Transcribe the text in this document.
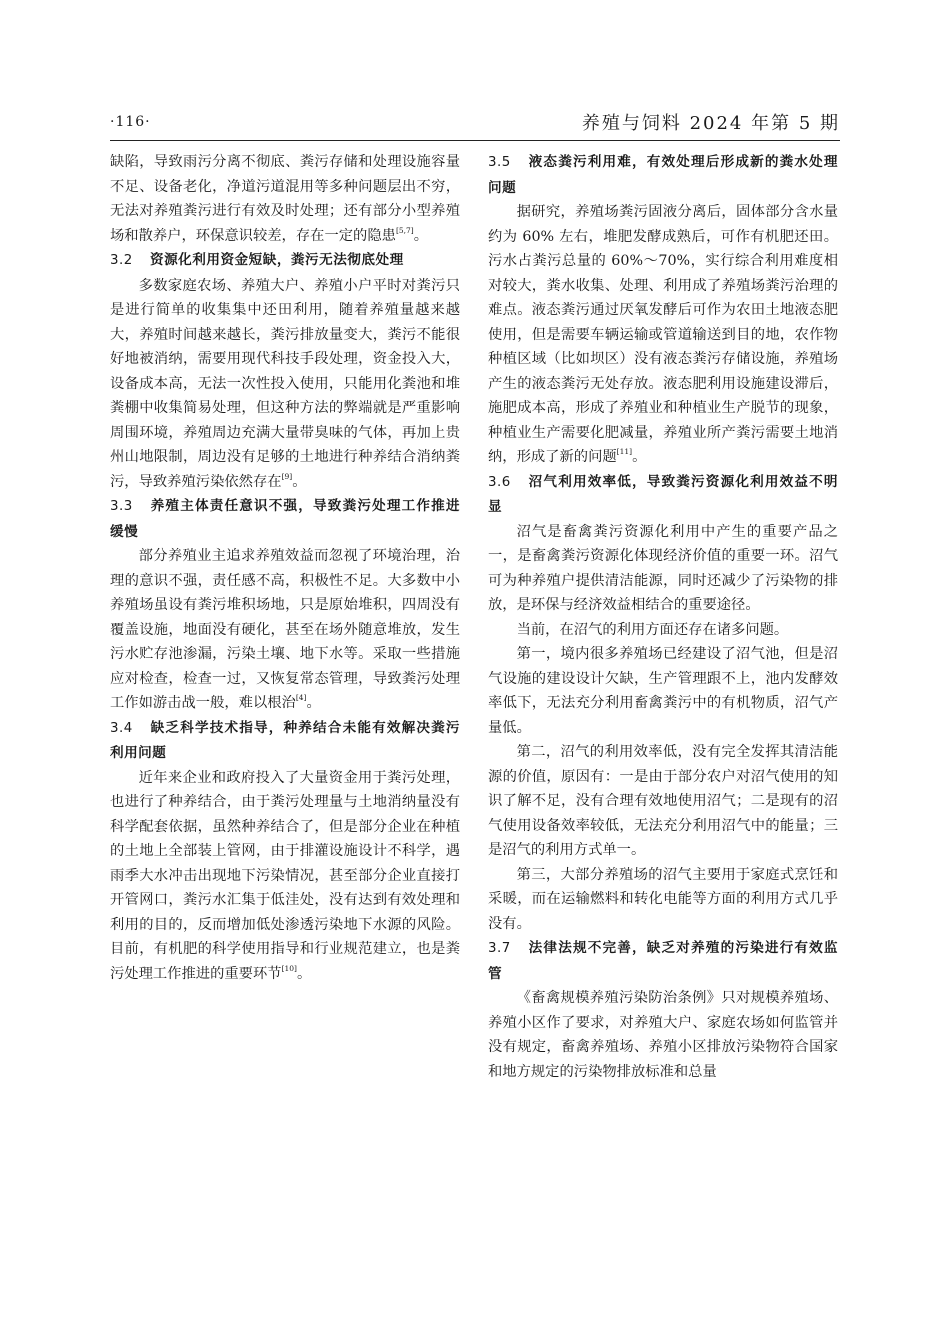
·116·	养殖与饲料 2024 年第 5 期

缺陷，导致雨污分离不彻底、粪污存储和处理设施容量不足、设备老化，净道污道混用等多种问题层出不穷，无法对养殖粪污进行有效及时处理；还有部分小型养殖场和散养户，环保意识较差，存在一定的隐患[5,7]。

3.2 资源化利用资金短缺，粪污无法彻底处理

多数家庭农场、养殖大户、养殖小户平时对粪污只是进行简单的收集集中还田利用，随着养殖量越来越大，养殖时间越来越长，粪污排放量变大，粪污不能很好地被消纳，需要用现代科技手段处理，资金投入大，设备成本高，无法一次性投入使用，只能用化粪池和堆粪棚中收集简易处理，但这种方法的弊端就是严重影响周围环境，养殖周边充满大量带臭味的气体，再加上贵州山地限制，周边没有足够的土地进行种养结合消纳粪污，导致养殖污染依然存在[9]。

3.3 养殖主体责任意识不强，导致粪污处理工作推进缓慢

部分养殖业主追求养殖效益而忽视了环境治理，治理的意识不强，责任感不高，积极性不足。大多数中小养殖场虽设有粪污堆积场地，只是原始堆积，四周没有覆盖设施，地面没有硬化，甚至在场外随意堆放，发生污水贮存池渗漏，污染土壤、地下水等。采取一些措施应对检查，检查一过，又恢复常态管理，导致粪污处理工作如游击战一般，难以根治[4]。

3.4 缺乏科学技术指导，种养结合未能有效解决粪污利用问题

近年来企业和政府投入了大量资金用于粪污处理，也进行了种养结合，由于粪污处理量与土地消纳量没有科学配套依据，虽然种养结合了，但是部分企业在种植的土地上全部装上管网，由于排灌设施设计不科学，遇雨季大水冲击出现地下污染情况，甚至部分企业直接打开管网口，粪污水汇集于低洼处，没有达到有效处理和利用的目的，反而增加低处渗透污染地下水源的风险。目前，有机肥的科学使用指导和行业规范建立，也是粪污处理工作推进的重要环节[10]。

3.5 液态粪污利用难，有效处理后形成新的粪水处理问题

据研究，养殖场粪污固液分离后，固体部分含水量约为 60% 左右，堆肥发酵成熟后，可作有机肥还田。污水占粪污总量的 60%～70%，实行综合利用难度相对较大，粪水收集、处理、利用成了养殖场粪污治理的难点。液态粪污通过厌氧发酵后可作为农田土地液态肥使用，但是需要车辆运输或管道输送到目的地，农作物种植区域（比如坝区）没有液态粪污存储设施，养殖场产生的液态粪污无处存放。液态肥利用设施建设滞后，施肥成本高，形成了养殖业和种植业生产脱节的现象，种植业生产需要化肥减量，养殖业所产粪污需要土地消纳，形成了新的问题[11]。

3.6 沼气利用效率低，导致粪污资源化利用效益不明显

沼气是畜禽粪污资源化利用中产生的重要产品之一，是畜禽粪污资源化体现经济价值的重要一环。沼气可为种养殖户提供清洁能源，同时还减少了污染物的排放，是环保与经济效益相结合的重要途径。

当前，在沼气的利用方面还存在诸多问题。

第一，境内很多养殖场已经建设了沼气池，但是沼气设施的建设设计欠缺，生产管理跟不上，池内发酵效率低下，无法充分利用畜禽粪污中的有机物质，沼气产量低。

第二，沼气的利用效率低，没有完全发挥其清洁能源的价值，原因有：一是由于部分农户对沼气使用的知识了解不足，没有合理有效地使用沼气；二是现有的沼气使用设备效率较低，无法充分利用沼气中的能量；三是沼气的利用方式单一。

第三，大部分养殖场的沼气主要用于家庭式烹饪和采暖，而在运输燃料和转化电能等方面的利用方式几乎没有。

3.7 法律法规不完善，缺乏对养殖的污染进行有效监管

《畜禽规模养殖污染防治条例》只对规模养殖场、养殖小区作了要求，对养殖大户、家庭农场如何监管并没有规定，畜禽养殖场、养殖小区排放污染物符合国家和地方规定的污染物排放标准和总量
